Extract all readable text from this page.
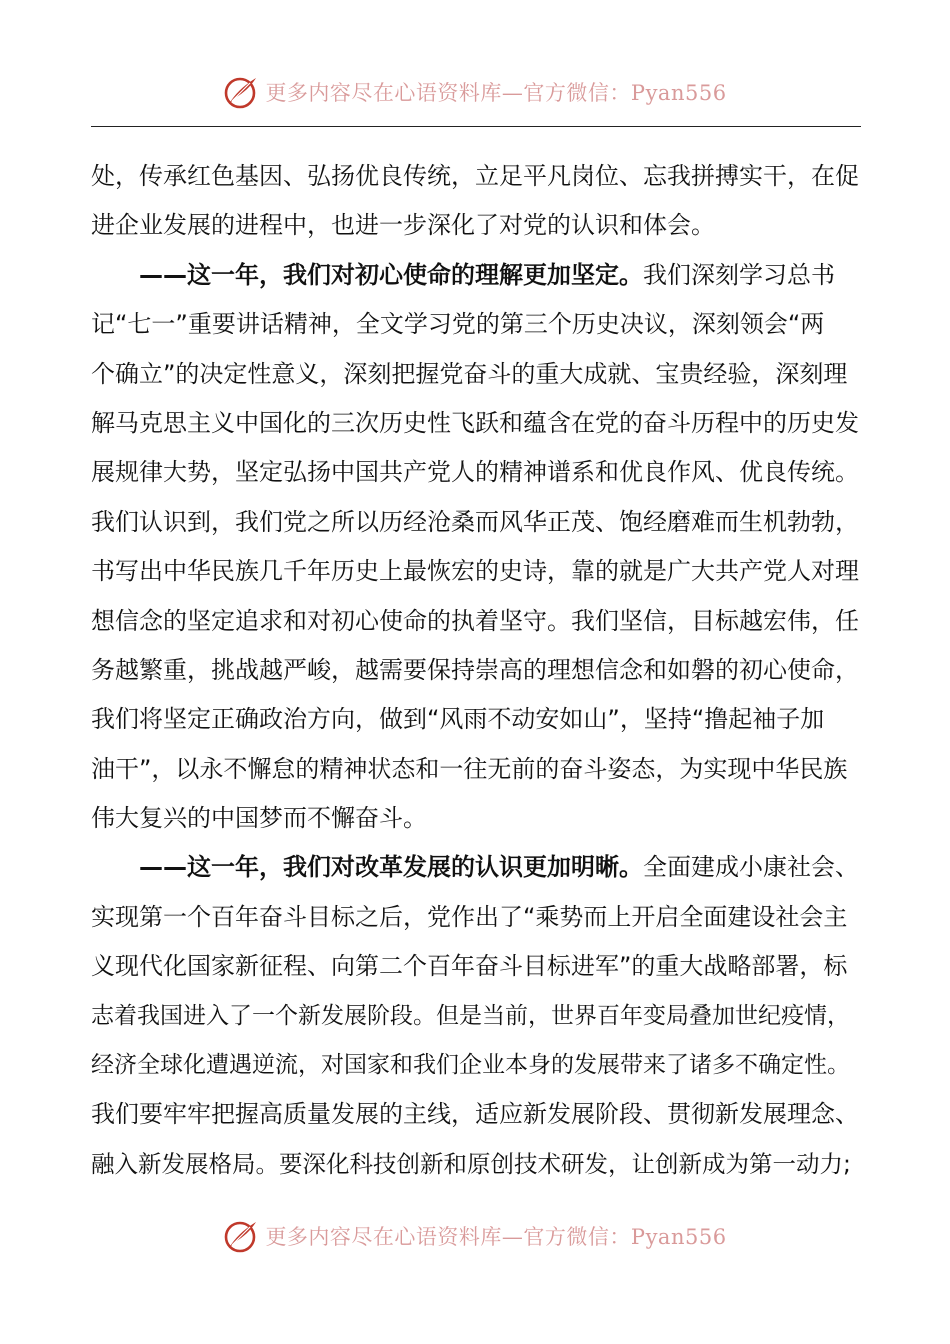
更多内容尽在心语资料库—官方微信：Pyan556
处，传承红色基因、弘扬优良传统，立足平凡岗位、忘我拼搏实干，在促
进企业发展的进程中，也进一步深化了对党的认识和体会。
——这一年，我们对初心使命的理解更加坚定。我们深刻学习总书
记“七一”重要讲话精神，全文学习党的第三个历史决议，深刻领会“两
个确立”的决定性意义，深刻把握党奋斗的重大成就、宝贵经验，深刻理
解马克思主义中国化的三次历史性飞跃和蕴含在党的奋斗历程中的历史发
展规律大势，坚定弘扬中国共产党人的精神谱系和优良作风、优良传统。
我们认识到，我们党之所以历经沧桑而风华正茂、饱经磨难而生机勃勃，
书写出中华民族几千年历史上最恢宏的史诗，靠的就是广大共产党人对理
想信念的坚定追求和对初心使命的执着坚守。我们坚信，目标越宏伟，任
务越繁重，挑战越严峻，越需要保持崇高的理想信念和如磐的初心使命，
我们将坚定正确政治方向，做到“风雨不动安如山”，坚持“撸起袖子加
油干”，以永不懈怠的精神状态和一往无前的奋斗姿态，为实现中华民族
伟大复兴的中国梦而不懈奋斗。
——这一年，我们对改革发展的认识更加明晰。全面建成小康社会、
实现第一个百年奋斗目标之后，党作出了“乘势而上开启全面建设社会主
义现代化国家新征程、向第二个百年奋斗目标进军”的重大战略部署，标
志着我国进入了一个新发展阶段。但是当前，世界百年变局叠加世纪疫情，
经济全球化遭遇逆流，对国家和我们企业本身的发展带来了诸多不确定性。
我们要牢牢把握高质量发展的主线，适应新发展阶段、贯彻新发展理念、
融入新发展格局。要深化科技创新和原创技术研发，让创新成为第一动力;
更多内容尽在心语资料库—官方微信：Pyan556
